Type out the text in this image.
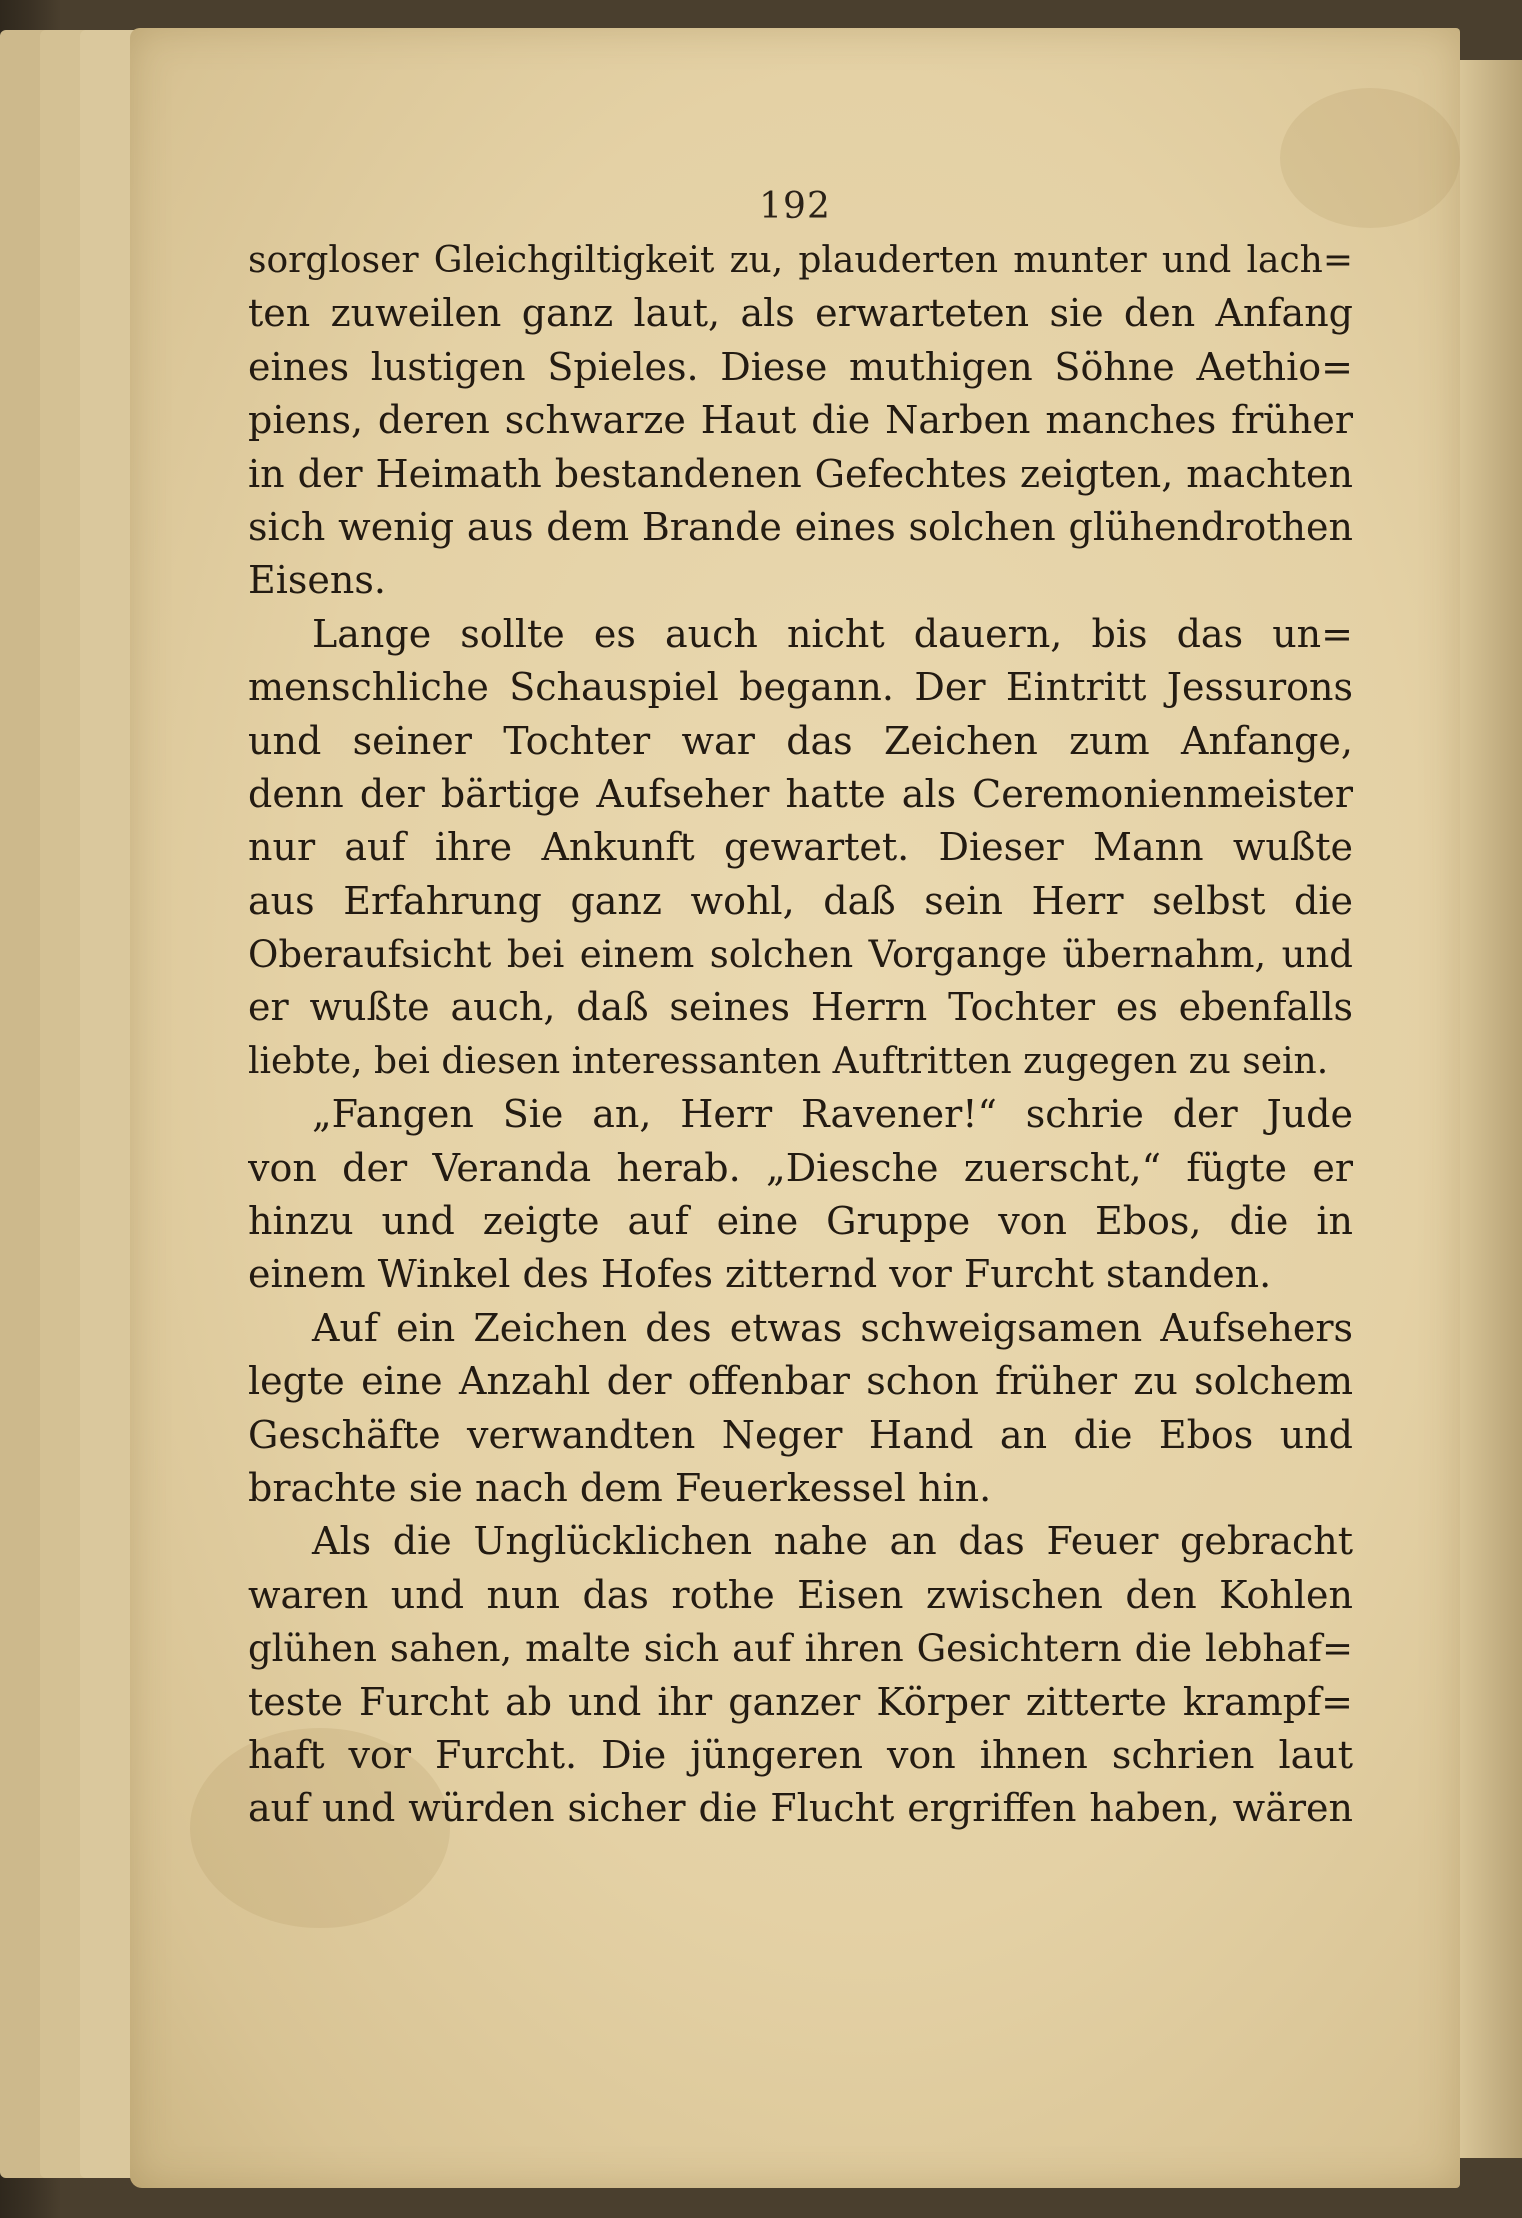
192
sorgloser Gleichgiltigkeit zu, plauderten munter und lach=
ten zuweilen ganz laut, als erwarteten sie den Anfang
eines lustigen Spieles. Diese muthigen Söhne Aethio=
piens, deren schwarze Haut die Narben manches früher
in der Heimath bestandenen Gefechtes zeigten, machten
sich wenig aus dem Brande eines solchen glühendrothen
Eisens.
Lange sollte es auch nicht dauern, bis das un=
menschliche Schauspiel begann. Der Eintritt Jessurons
und seiner Tochter war das Zeichen zum Anfange,
denn der bärtige Aufseher hatte als Ceremonienmeister
nur auf ihre Ankunft gewartet. Dieser Mann wußte
aus Erfahrung ganz wohl, daß sein Herr selbst die
Oberaufsicht bei einem solchen Vorgange übernahm, und
er wußte auch, daß seines Herrn Tochter es ebenfalls
liebte, bei diesen interessanten Auftritten zugegen zu sein.
„Fangen Sie an, Herr Ravener!“ schrie der Jude
von der Veranda herab. „Diesche zuerscht,“ fügte er
hinzu und zeigte auf eine Gruppe von Ebos, die in
einem Winkel des Hofes zitternd vor Furcht standen.
Auf ein Zeichen des etwas schweigsamen Aufsehers
legte eine Anzahl der offenbar schon früher zu solchem
Geschäfte verwandten Neger Hand an die Ebos und
brachte sie nach dem Feuerkessel hin.
Als die Unglücklichen nahe an das Feuer gebracht
waren und nun das rothe Eisen zwischen den Kohlen
glühen sahen, malte sich auf ihren Gesichtern die lebhaf=
teste Furcht ab und ihr ganzer Körper zitterte krampf=
haft vor Furcht. Die jüngeren von ihnen schrien laut
auf und würden sicher die Flucht ergriffen haben, wären
